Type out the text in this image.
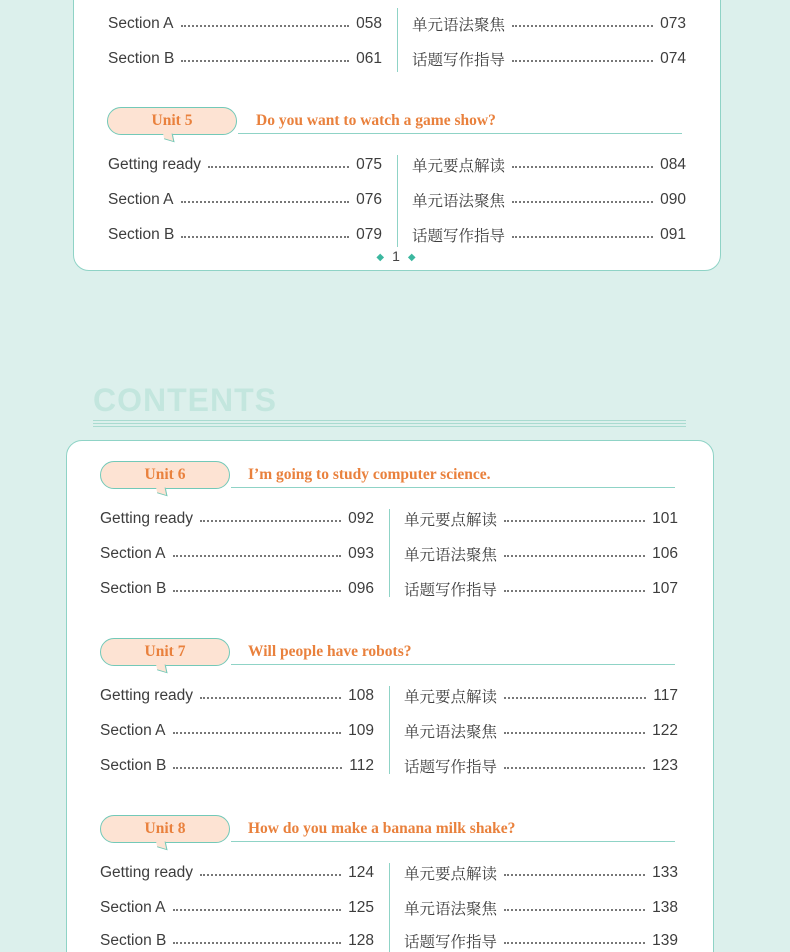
Section A	058
Section B	061
单元语法聚焦	073
话题写作指导	074
Unit 5	Do you want to watch a game show?
Getting ready	075
Section A	076
Section B	079
单元要点解读	084
单元语法聚焦	090
话题写作指导	091
◆ 1 ◆
CONTENTS
Unit 6	I’m going to study computer science.
Getting ready	092
Section A	093
Section B	096
单元要点解读	101
单元语法聚焦	106
话题写作指导	107
Unit 7	Will people have robots?
Getting ready	108
Section A	109
Section B	112
单元要点解读	117
单元语法聚焦	122
话题写作指导	123
Unit 8	How do you make a banana milk shake?
Getting ready	124
Section A	125
Section B	128
单元要点解读	133
单元语法聚焦	138
话题写作指导	139
